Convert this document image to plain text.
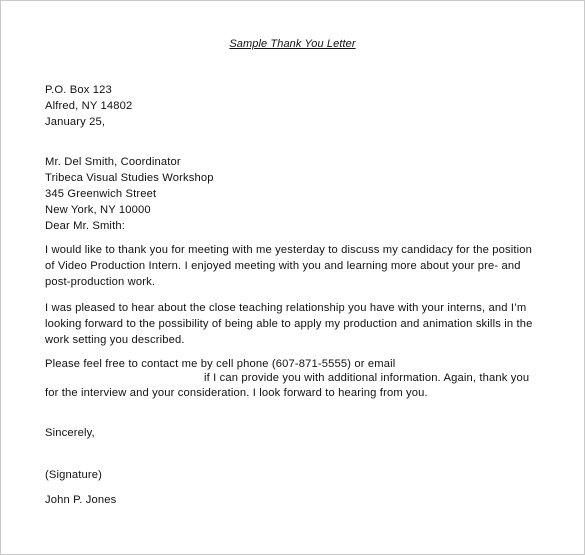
Sample Thank You Letter
P.O. Box 123
Alfred, NY 14802
January 25,
Mr. Del Smith, Coordinator
Tribeca Visual Studies Workshop
345 Greenwich Street
New York, NY 10000
Dear Mr. Smith:
I would like to thank you for meeting with me yesterday to discuss my candidacy for the position
of Video Production Intern. I enjoyed meeting with you and learning more about your pre- and
post-production work.
I was pleased to hear about the close teaching relationship you have with your interns, and I’m
looking forward to the possibility of being able to apply my production and animation skills in the
work setting you described.
Please feel free to contact me by cell phone (607-871-5555) or email
if I can provide you with additional information. Again, thank you
for the interview and your consideration. I look forward to hearing from you.
Sincerely,
(Signature)
John P. Jones
